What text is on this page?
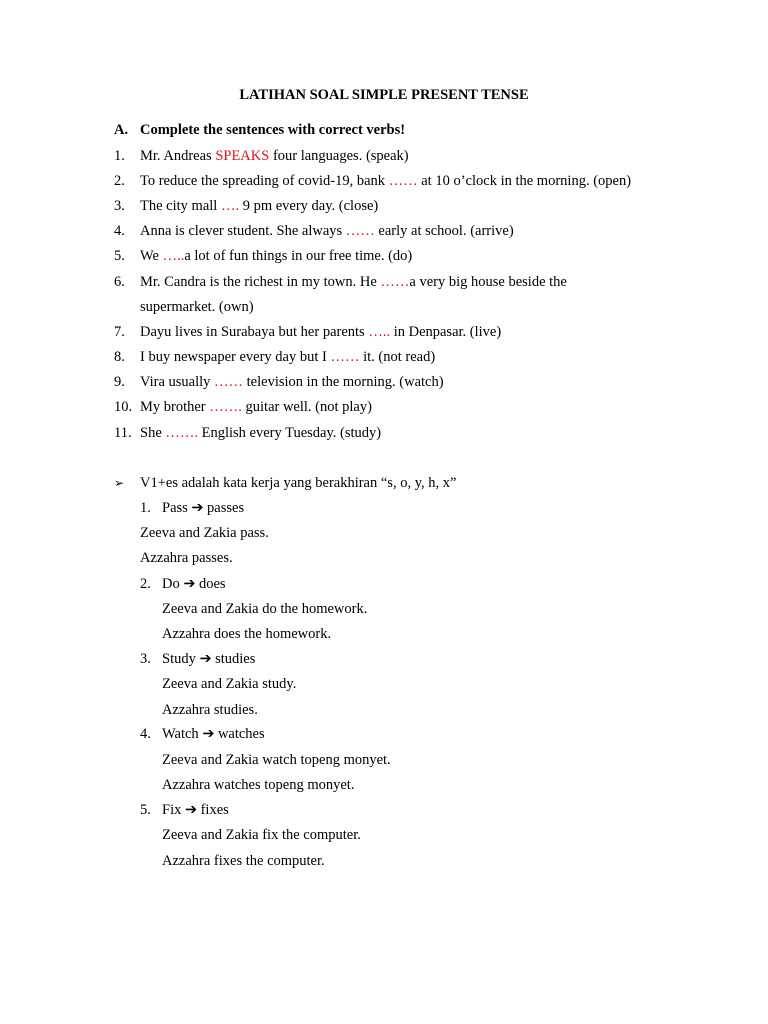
LATIHAN SOAL SIMPLE PRESENT TENSE
A. Complete the sentences with correct verbs!
1. Mr. Andreas SPEAKS four languages. (speak)
2. To reduce the spreading of covid-19, bank …… at 10 o’clock in the morning. (open)
3. The city mall …. 9 pm every day. (close)
4. Anna is clever student. She always …… early at school. (arrive)
5. We …..a lot of fun things in our free time. (do)
6. Mr. Candra is the richest in my town. He ……a very big house beside the
supermarket. (own)
7. Dayu lives in Surabaya but her parents ….. in Denpasar. (live)
8. I buy newspaper every day but I …… it. (not read)
9. Vira usually …… television in the morning. (watch)
10. My brother ……. guitar well. (not play)
11. She ……. English every Tuesday. (study)
➢ V1+es adalah kata kerja yang berakhiran “s, o, y, h, x”
1. Pass ➔ passes
Zeeva and Zakia pass.
Azzahra passes.
2. Do ➔ does
Zeeva and Zakia do the homework.
Azzahra does the homework.
3. Study ➔ studies
Zeeva and Zakia study.
Azzahra studies.
4. Watch ➔ watches
Zeeva and Zakia watch topeng monyet.
Azzahra watches topeng monyet.
5. Fix ➔ fixes
Zeeva and Zakia fix the computer.
Azzahra fixes the computer.
